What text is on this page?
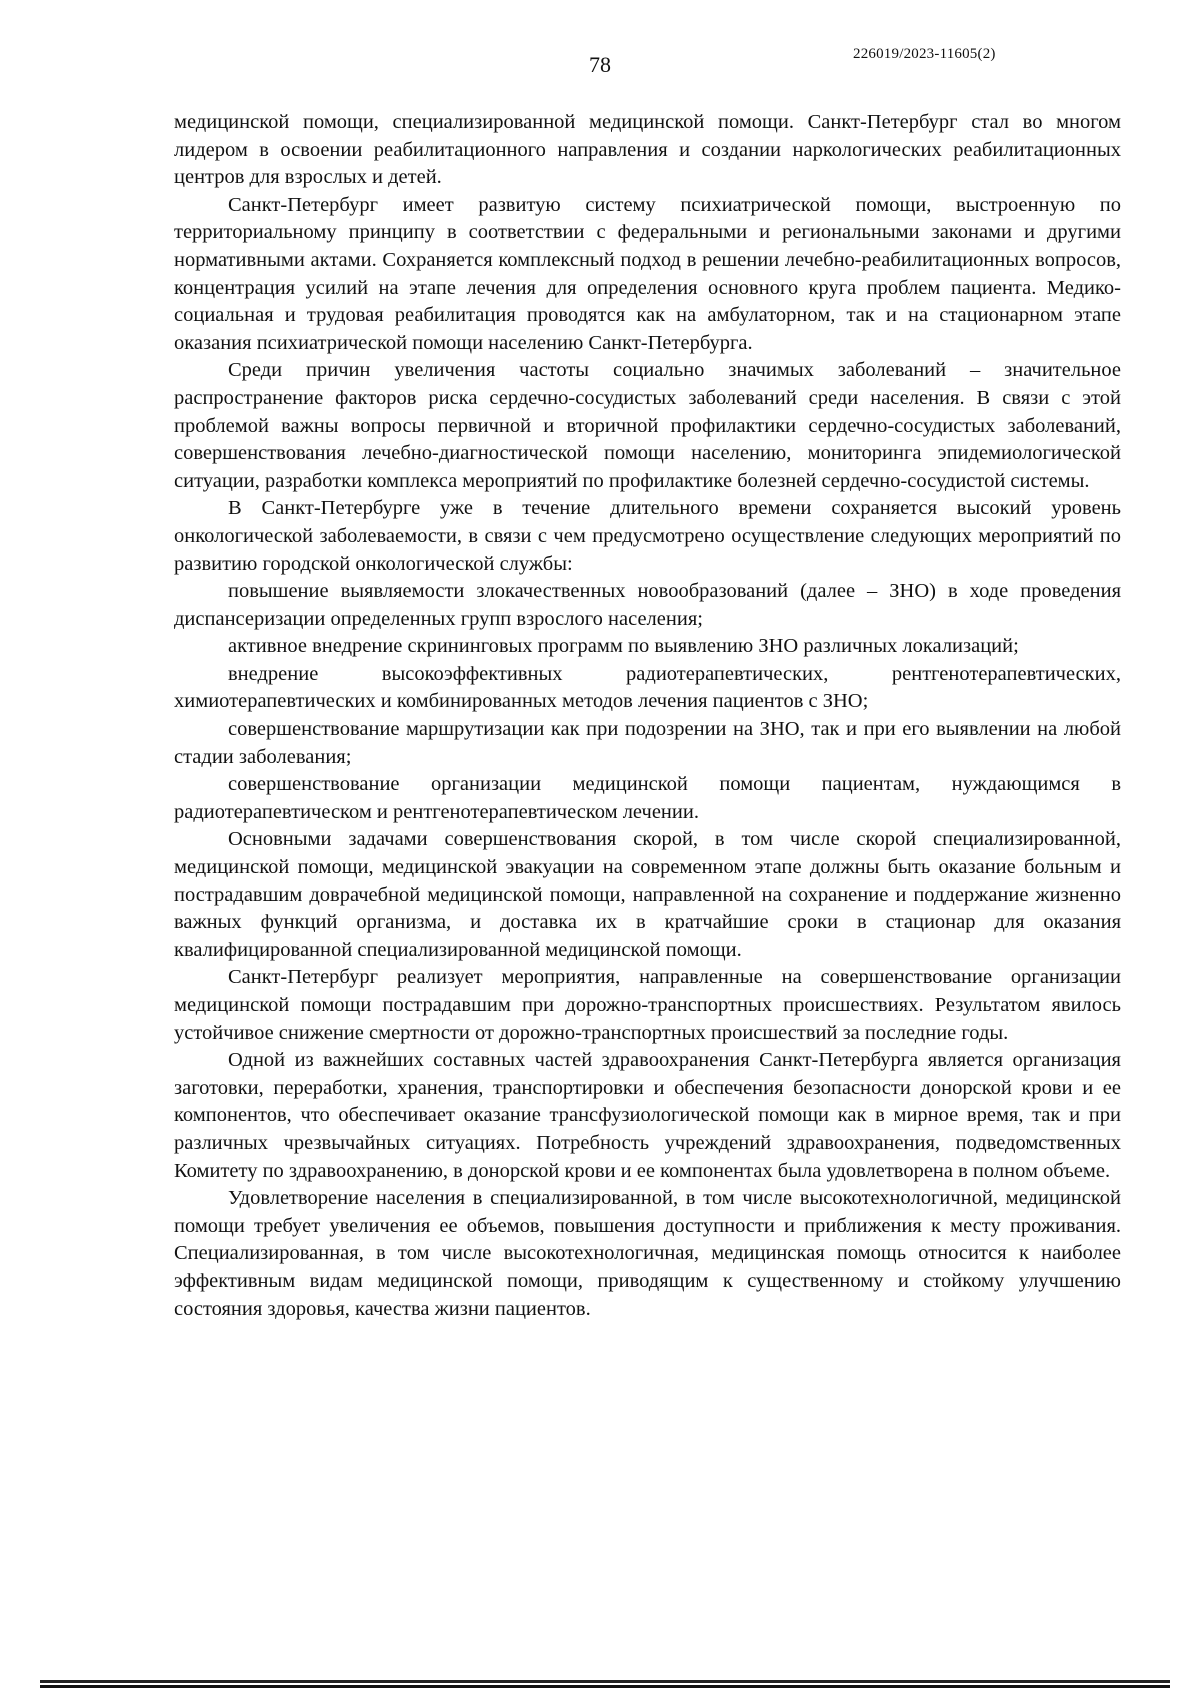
78	226019/2023-11605(2)

медицинской помощи, специализированной медицинской помощи. Санкт-Петербург стал во многом лидером в освоении реабилитационного направления и создании наркологических реабилитационных центров для взрослых и детей.

Санкт-Петербург имеет развитую систему психиатрической помощи, выстроенную по территориальному принципу в соответствии с федеральными и региональными законами и другими нормативными актами. Сохраняется комплексный подход в решении лечебно-реабилитационных вопросов, концентрация усилий на этапе лечения для определения основного круга проблем пациента. Медико-социальная и трудовая реабилитация проводятся как на амбулаторном, так и на стационарном этапе оказания психиатрической помощи населению Санкт-Петербурга.

Среди причин увеличения частоты социально значимых заболеваний – значительное распространение факторов риска сердечно-сосудистых заболеваний среди населения. В связи с этой проблемой важны вопросы первичной и вторичной профилактики сердечно-сосудистых заболеваний, совершенствования лечебно-диагностической помощи населению, мониторинга эпидемиологической ситуации, разработки комплекса мероприятий по профилактике болезней сердечно-сосудистой системы.

В Санкт-Петербурге уже в течение длительного времени сохраняется высокий уровень онкологической заболеваемости, в связи с чем предусмотрено осуществление следующих мероприятий по развитию городской онкологической службы:

повышение выявляемости злокачественных новообразований (далее – ЗНО) в ходе проведения диспансеризации определенных групп взрослого населения;

активное внедрение скрининговых программ по выявлению ЗНО различных локализаций;

внедрение высокоэффективных радиотерапевтических, рентгенотерапевтических, химиотерапевтических и комбинированных методов лечения пациентов с ЗНО;

совершенствование маршрутизации как при подозрении на ЗНО, так и при его выявлении на любой стадии заболевания;

совершенствование организации медицинской помощи пациентам, нуждающимся в радиотерапевтическом и рентгенотерапевтическом лечении.

Основными задачами совершенствования скорой, в том числе скорой специализированной, медицинской помощи, медицинской эвакуации на современном этапе должны быть оказание больным и пострадавшим доврачебной медицинской помощи, направленной на сохранение и поддержание жизненно важных функций организма, и доставка их в кратчайшие сроки в стационар для оказания квалифицированной специализированной медицинской помощи.

Санкт-Петербург реализует мероприятия, направленные на совершенствование организации медицинской помощи пострадавшим при дорожно-транспортных происшествиях. Результатом явилось устойчивое снижение смертности от дорожно-транспортных происшествий за последние годы.

Одной из важнейших составных частей здравоохранения Санкт-Петербурга является организация заготовки, переработки, хранения, транспортировки и обеспечения безопасности донорской крови и ее компонентов, что обеспечивает оказание трансфузиологической помощи как в мирное время, так и при различных чрезвычайных ситуациях. Потребность учреждений здравоохранения, подведомственных Комитету по здравоохранению, в донорской крови и ее компонентах была удовлетворена в полном объеме.

Удовлетворение населения в специализированной, в том числе высокотехнологичной, медицинской помощи требует увеличения ее объемов, повышения доступности и приближения к месту проживания. Специализированная, в том числе высокотехнологичная, медицинская помощь относится к наиболее эффективным видам медицинской помощи, приводящим к существенному и стойкому улучшению состояния здоровья, качества жизни пациентов.
